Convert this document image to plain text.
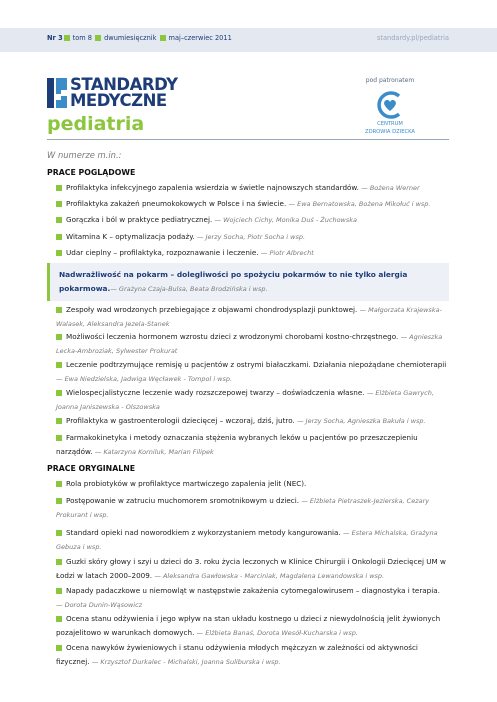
Nr 3 tom 8 dwumiesięcznik maj–czerwiec 2011	standardy.pl/pediatria
STANDARDY
MEDYCZNE
pediatria
pod patronatem
CENTRUM
ZDROWIA DZIECKA
W numerze m.in.:
PRACE POGLĄDOWE
Profilaktyka infekcyjnego zapalenia wsierdzia w świetle najnowszych standardów. — Bożena Werner
Profilaktyka zakażeń pneumokokowych w Polsce i na świecie. — Ewa Bernatowska, Bożena Mikołuć i wsp.
Gorączka i ból w praktyce pediatrycznej. — Wojciech Cichy, Monika Duś - Żuchowska
Witamina K – optymalizacja podaży. — Jerzy Socha, Piotr Socha i wsp.
Udar cieplny – profilaktyka, rozpoznawanie i leczenie. — Piotr Albrecht
Nadwrażliwość na pokarm – dolegliwości po spożyciu pokarmów to nie tylko alergia pokarmowa. — Grażyna Czaja-Bulsa, Beata Brodzińska i wsp.
Zespoły wad wrodzonych przebiegające z objawami chondrodysplazji punktowej. — Małgorzata Krajewska-Walasek, Aleksandra Jezela-Stanek
Możliwości leczenia hormonem wzrostu dzieci z wrodzonymi chorobami kostno-chrzęstnego. — Agnieszka Lecka-Ambroziak, Sylwester Prokurat
Leczenie podtrzymujące remisję u pacjentów z ostrymi białaczkami. Działania niepożądane chemioterapii — Ewa Niedzielska, Jadwiga Węcławek - Tompol i wsp.
Wielospecjalistyczne leczenie wady rozszczepowej twarzy – doświadczenia własne. — Elżbieta Gawrych, Joanna Janiszewska - Olszowska
Profilaktyka w gastroenterologii dziecięcej – wczoraj, dziś, jutro. — Jerzy Socha, Agnieszka Bakuła i wsp.
Farmakokinetyka i metody oznaczania stężenia wybranych leków u pacjentów po przeszczepieniu narządów. — Katarzyna Korniluk, Marian Filipek
PRACE ORYGINALNE
Rola probiotyków w profilaktyce martwiczego zapalenia jelit (NEC).
Postępowanie w zatruciu muchomorem sromotnikowym u dzieci. — Elżbieta Pietraszek-Jezierska, Cezary Prokurant i wsp.
Standard opieki nad noworodkiem z wykorzystaniem metody kangurowania. — Estera Michalska, Grażyna Gebuza i wsp.
Guzki skóry głowy i szyi u dzieci do 3. roku życia leczonych w Klinice Chirurgii i Onkologii Dziecięcej UM w Łodzi w latach 2000–2009. — Aleksandra Gawłowska - Marciniak, Magdalena Lewandowska i wsp.
Napady padaczkowe u niemowląt w następstwie zakażenia cytomegalowirusem – diagnostyka i terapia. — Dorota Dunin-Wąsowicz
Ocena stanu odżywienia i jego wpływ na stan układu kostnego u dzieci z niewydolnością jelit żywionych pozajelitowo w warunkach domowych. — Elżbieta Banaś, Dorota Wesół-Kucharska i wsp.
Ocena nawyków żywieniowych i stanu odżywienia młodych mężczyzn w zależności od aktywności fizycznej. — Krzysztof Durkalec - Michalski, Joanna Suliburska i wsp.
